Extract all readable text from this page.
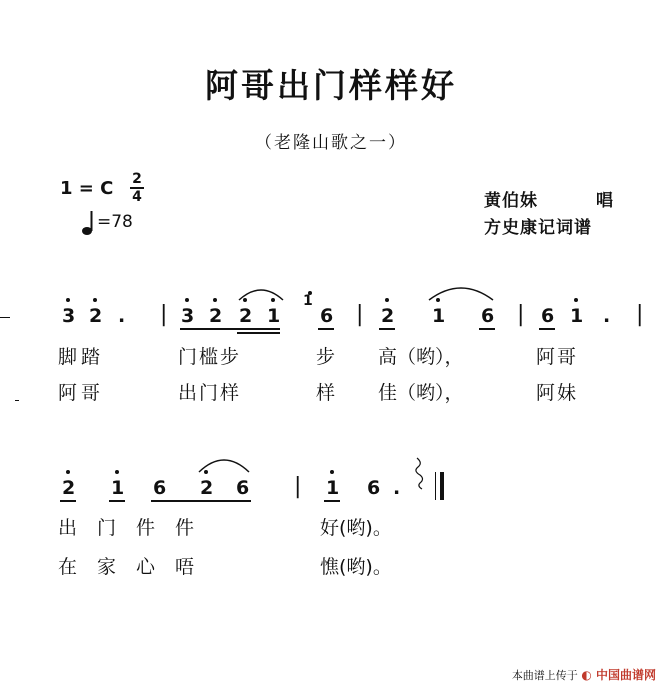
阿哥出门样样好
（老隆山歌之一）
1 = C 2
4
=78
黄伯妹	唱
方史康记词谱
3 2 . | 3 2 2 1
1
6 | 2 1 6 | 6 1 . |
脚踏	门槛步	步 高（哟），	阿哥
阿哥	出门样	样 佳（哟），	阿妹
2 1 6 2 6 | 1 6 .
出门件件	好(哟)。
在家心唔	憔(哟)。
本曲谱上传于 ◐ 中国曲谱网
